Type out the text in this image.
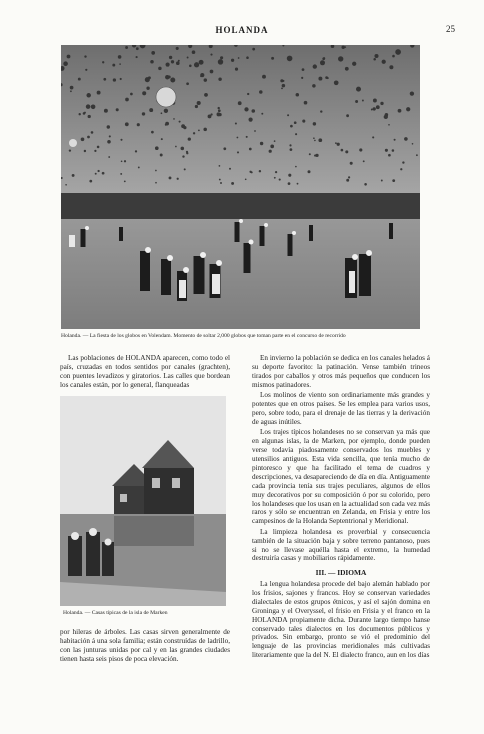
HOLANDA	25
Holanda. — La fiesta de los globos en Volendam. Momento de soltar 2,000 globos que toman parte en el concurso de recorrido

Las poblaciones de HOLANDA aparecen, como todo el país, cruzadas en todos sentidos por canales (grachten), con puentes levadizos y giratorios. Las calles que bordean los canales están, por lo general, flanqueadas

Holanda. — Casas típicas de la isla de Marken

por hileras de árboles. Las casas sirven generalmente de habitación á una sola familia; están construídas de ladrillo, con las junturas unidas por cal y en las grandes ciudades tienen hasta seis pisos de poca elevación.

En invierno la población se dedica en los canales helados á su deporte favorito: la patinación. Vense también trineos tirados por caballos y otros más pequeños que conducen los mismos patinadores.

Los molinos de viento son ordinariamente más grandes y potentes que en otros países. Se les emplea para varios usos, pero, sobre todo, para el drenaje de las tierras y la derivación de aguas inútiles.

Los trajes típicos holandeses no se conservan ya más que en algunas islas, la de Marken, por ejemplo, donde pueden verse todavía piadosamente conservados los muebles y utensilios antiguos. Esta vida sencilla, que tenía mucho de pintoresco y que ha facilitado el tema de cuadros y descripciones, va desapareciendo de día en día. Antiguamente cada provincia tenía sus trajes peculiares, algunos de ellos muy decorativos por su composición ó por su colorido, pero los holandeses que los usan en la actualidad son cada vez más raros y sólo se encuentran en Zelanda, en Frisia y entre los campesinos de la Holanda Septentrional y Meridional.

La limpieza holandesa es proverbial y consecuencia también de la situación baja y sobre terreno pantanoso, pues si no se llevase aquélla hasta el extremo, la humedad destruiría casas y mobiliarios rápidamente.

III. — IDIOMA

La lengua holandesa procede del bajo alemán hablado por los frisios, sajones y francos. Hoy se conservan variedades dialectales de estos grupos étnicos, y así el sajón domina en Groninga y el Overyssel, el frisio en Frisia y el franco en la HOLANDA propiamente dicha. Durante largo tiempo hanse conservado tales dialectos en los documentos públicos y privados. Sin embargo, pronto se vió el predominio del lenguaje de las provincias meridionales más cultivadas literariamente que la del N. El dialecto franco, aun en los días
